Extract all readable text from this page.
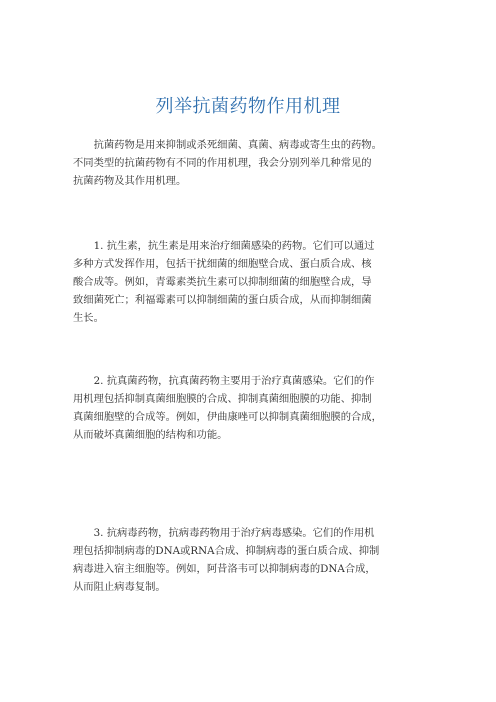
列举抗菌药物作用机理

　　抗菌药物是用来抑制或杀死细菌、真菌、病毒或寄生虫的药物。
不同类型的抗菌药物有不同的作用机理，我会分别列举几种常见的
抗菌药物及其作用机理。

　　1. 抗生素，抗生素是用来治疗细菌感染的药物。它们可以通过
多种方式发挥作用，包括干扰细菌的细胞壁合成、蛋白质合成、核
酸合成等。例如，青霉素类抗生素可以抑制细菌的细胞壁合成，导
致细菌死亡；利福霉素可以抑制细菌的蛋白质合成，从而抑制细菌
生长。

　　2. 抗真菌药物，抗真菌药物主要用于治疗真菌感染。它们的作
用机理包括抑制真菌细胞膜的合成、抑制真菌细胞膜的功能、抑制
真菌细胞壁的合成等。例如，伊曲康唑可以抑制真菌细胞膜的合成，
从而破坏真菌细胞的结构和功能。

　　3. 抗病毒药物，抗病毒药物用于治疗病毒感染。它们的作用机
理包括抑制病毒的DNA或RNA合成、抑制病毒的蛋白质合成、抑制
病毒进入宿主细胞等。例如，阿昔洛韦可以抑制病毒的DNA合成，
从而阻止病毒复制。
